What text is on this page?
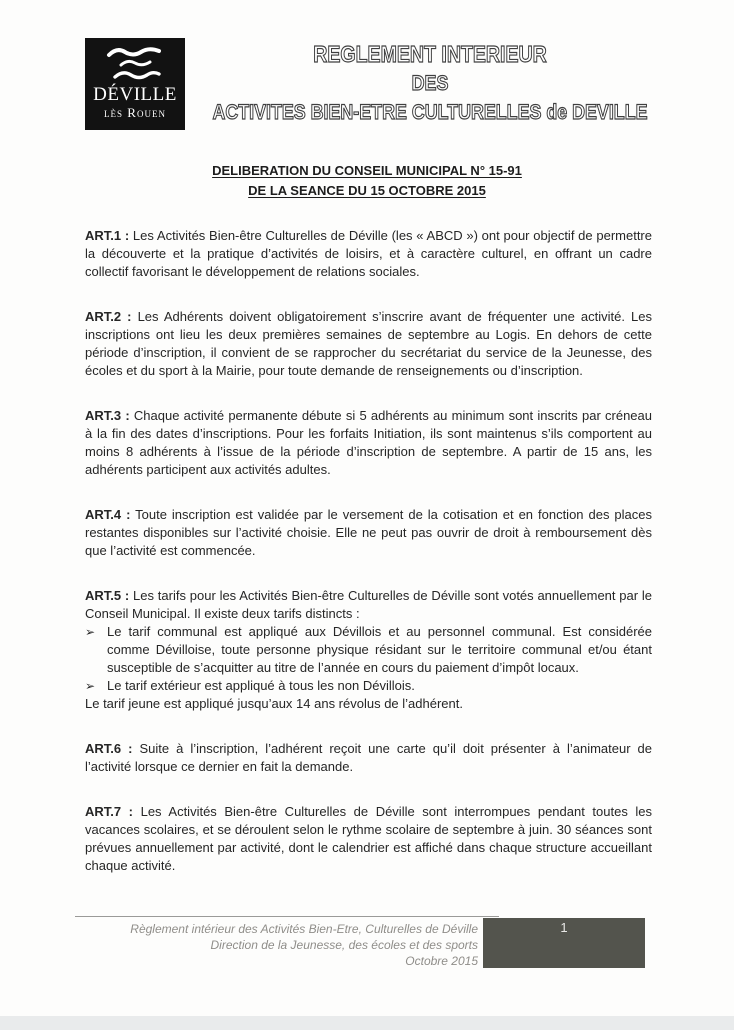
DÉVILLE
lès Rouen
REGLEMENT INTERIEUR
DES
ACTIVITES BIEN-ETRE CULTURELLES de DEVILLE
DELIBERATION DU CONSEIL MUNICIPAL N° 15-91
DE LA SEANCE DU 15 OCTOBRE 2015

ART.1 : Les Activités Bien-être Culturelles de Déville (les « ABCD ») ont pour objectif de permettre la découverte et la pratique d’activités de loisirs, et à caractère culturel, en offrant un cadre collectif favorisant le développement de relations sociales.

ART.2 : Les Adhérents doivent obligatoirement s’inscrire avant de fréquenter une activité. Les inscriptions ont lieu les deux premières semaines de septembre au Logis. En dehors de cette période d’inscription, il convient de se rapprocher du secrétariat du service de la Jeunesse, des écoles et du sport à la Mairie, pour toute demande de renseignements ou d’inscription.

ART.3 : Chaque activité permanente débute si 5 adhérents au minimum sont inscrits par créneau à la fin des dates d’inscriptions. Pour les forfaits Initiation, ils sont maintenus s’ils comportent au moins 8 adhérents à l’issue de la période d’inscription de septembre. A partir de 15 ans, les adhérents participent aux activités adultes.

ART.4 : Toute inscription est validée par le versement de la cotisation et en fonction des places restantes disponibles sur l’activité choisie. Elle ne peut pas ouvrir de droit à remboursement dès que l’activité est commencée.

ART.5 : Les tarifs pour les Activités Bien-être Culturelles de Déville sont votés annuellement par le Conseil Municipal. Il existe deux tarifs distincts :

➢ Le tarif communal est appliqué aux Dévillois et au personnel communal. Est considérée comme Dévilloise, toute personne physique résidant sur le territoire communal et/ou étant susceptible de s’acquitter au titre de l’année en cours du paiement d’impôt locaux.
➢ Le tarif extérieur est appliqué à tous les non Dévillois.

Le tarif jeune est appliqué jusqu’aux 14 ans révolus de l’adhérent.

ART.6 : Suite à l’inscription, l’adhérent reçoit une carte qu’il doit présenter à l’animateur de l’activité lorsque ce dernier en fait la demande.

ART.7 : Les Activités Bien-être Culturelles de Déville sont interrompues pendant toutes les vacances scolaires, et se déroulent selon le rythme scolaire de septembre à juin. 30 séances sont prévues annuellement par activité, dont le calendrier est affiché dans chaque structure accueillant chaque activité.

Règlement intérieur des Activités Bien-Etre, Culturelles de Déville
Direction de la Jeunesse, des écoles et des sports
Octobre 2015
1
